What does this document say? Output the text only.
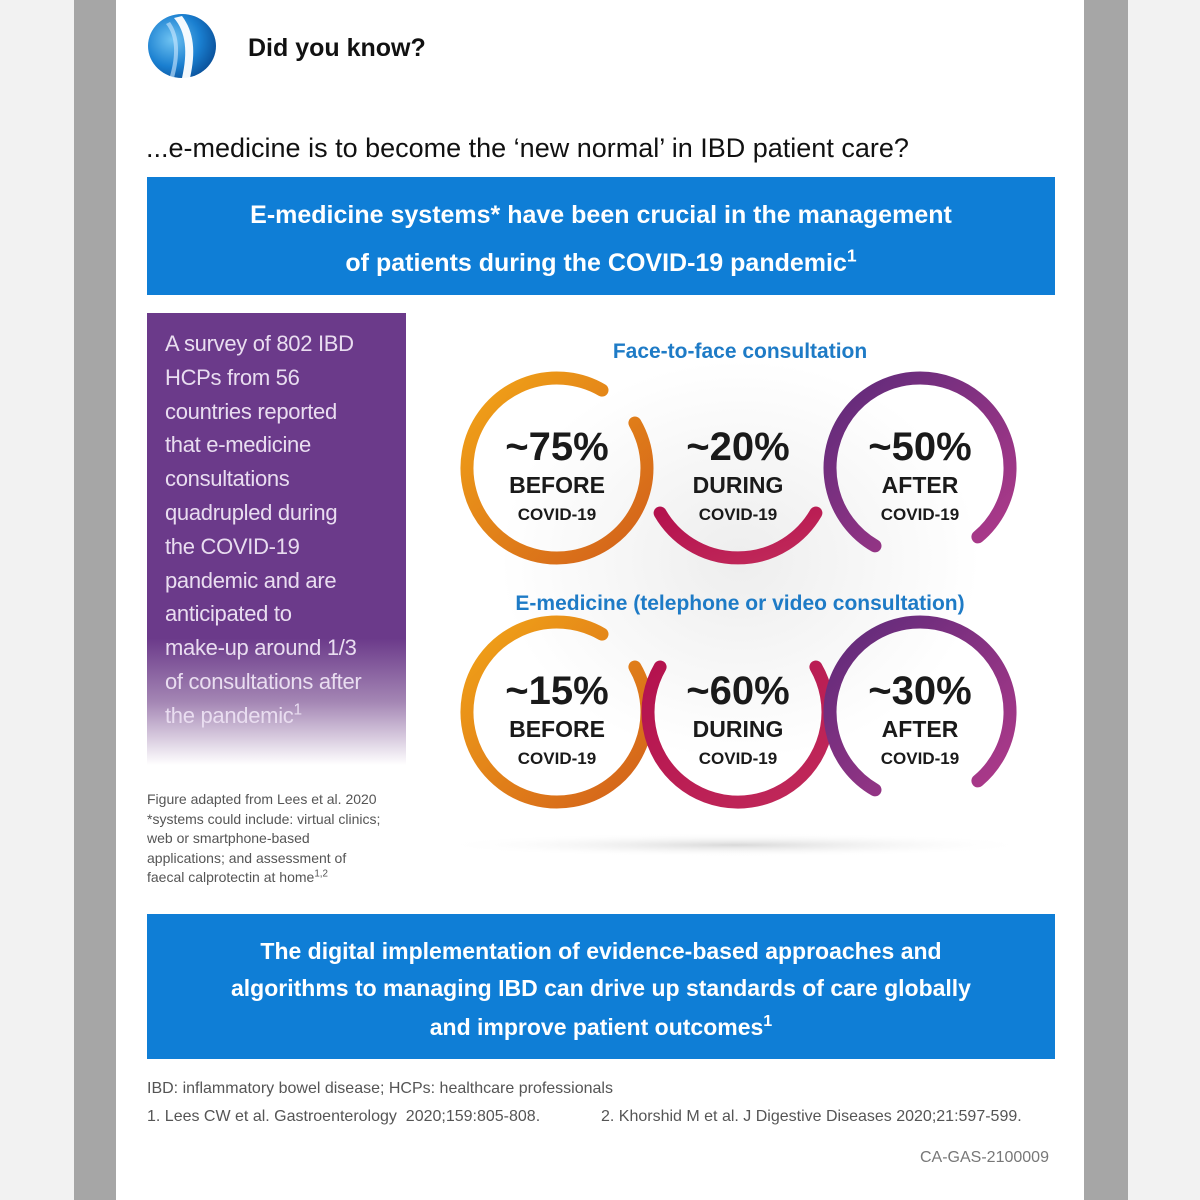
Did you know?
...e-medicine is to become the ‘new normal’ in IBD patient care?
E-medicine systems* have been crucial in the management
of patients during the COVID-19 pandemic$^1$
A survey of 802 IBD
HCPs from 56
countries reported
that e-medicine
consultations
quadrupled during
the COVID-19
pandemic and are
anticipated to
make-up around 1/3
of consultations after
the pandemic$^1$
Figure adapted from Lees et al. 2020
*systems could include: virtual clinics;
web or smartphone-based
applications; and assessment of
faecal calprotectin at home$^{1,2}$
Face-to-face consultation
~75%
BEFORE
COVID-19
~20%
DURING
COVID-19
~50%
AFTER
COVID-19
E-medicine (telephone or video consultation)
~15%
BEFORE
COVID-19
~60%
DURING
COVID-19
~30%
AFTER
COVID-19
The digital implementation of evidence-based approaches and
algorithms to managing IBD can drive up standards of care globally
and improve patient outcomes$^1$
IBD: inflammatory bowel disease; HCPs: healthcare professionals
1. Lees CW et al. Gastroenterology  2020;159:805-808.	2. Khorshid M et al. J Digestive Diseases 2020;21:597-599.
CA-GAS-2100009
